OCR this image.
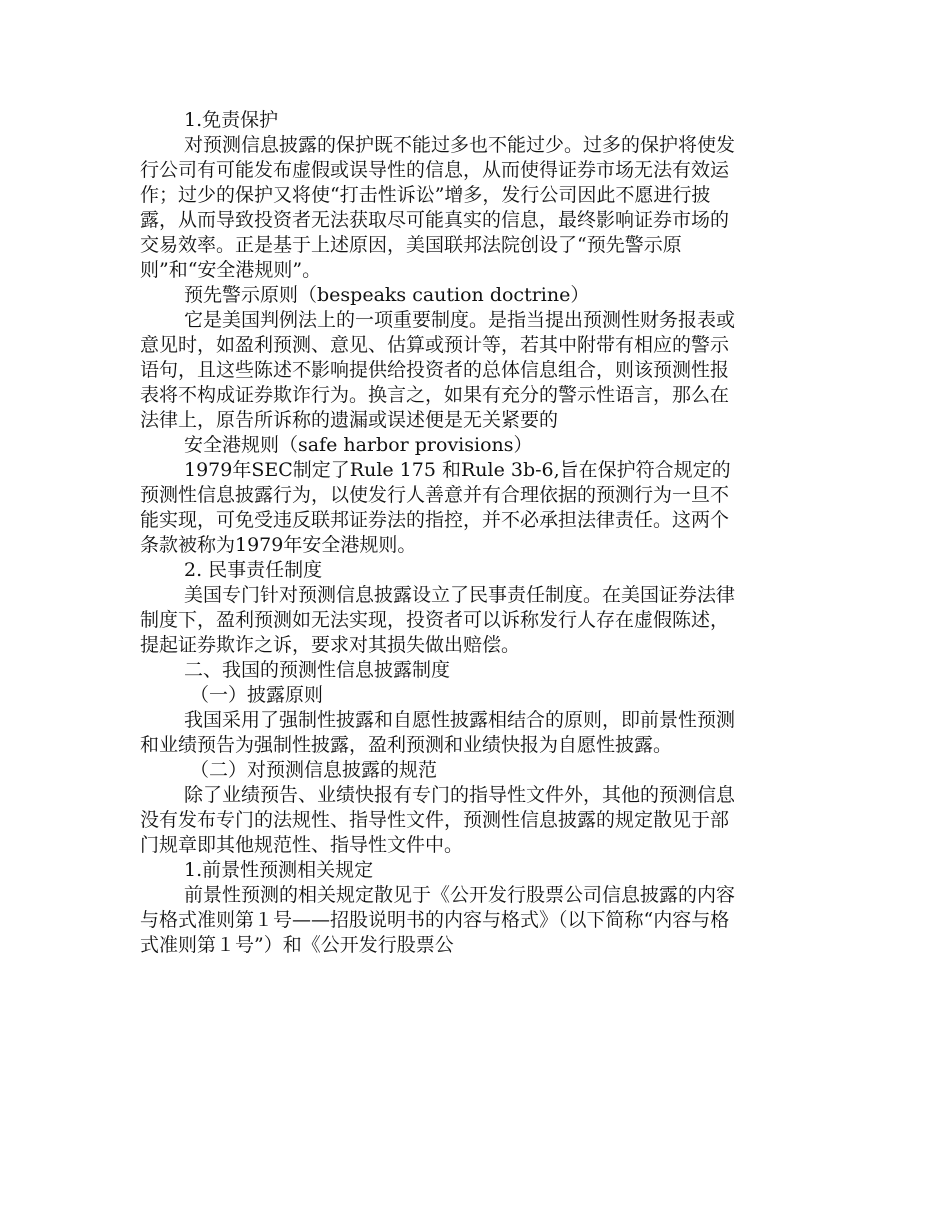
1.免责保护

对预测信息披露的保护既不能过多也不能过少。过多的保护将使发行公司有可能发布虚假或误导性的信息，从而使得证券市场无法有效运作；过少的保护又将使“打击性诉讼”增多，发行公司因此不愿进行披露，从而导致投资者无法获取尽可能真实的信息，最终影响证券市场的交易效率。正是基于上述原因，美国联邦法院创设了“预先警示原则”和“安全港规则”。

预先警示原则（bespeaks caution doctrine）

它是美国判例法上的一项重要制度。是指当提出预测性财务报表或意见时，如盈利预测、意见、估算或预计等，若其中附带有相应的警示语句，且这些陈述不影响提供给投资者的总体信息组合，则该预测性报表将不构成证券欺诈行为。换言之，如果有充分的警示性语言，那么在法律上，原告所诉称的遗漏或误述便是无关紧要的

安全港规则（safe harbor provisions）

1979年SEC制定了Rule 175 和Rule 3b-6,旨在保护符合规定的预测性信息披露行为，以使发行人善意并有合理依据的预测行为一旦不能实现，可免受违反联邦证券法的指控，并不必承担法律责任。这两个条款被称为1979年安全港规则。

2. 民事责任制度

美国专门针对预测信息披露设立了民事责任制度。在美国证券法律制度下，盈利预测如无法实现，投资者可以诉称发行人存在虚假陈述，提起证券欺诈之诉，要求对其损失做出赔偿。

二、我国的预测性信息披露制度

（一）披露原则

我国采用了强制性披露和自愿性披露相结合的原则，即前景性预测和业绩预告为强制性披露，盈利预测和业绩快报为自愿性披露。

（二）对预测信息披露的规范

除了业绩预告、业绩快报有专门的指导性文件外，其他的预测信息没有发布专门的法规性、指导性文件，预测性信息披露的规定散见于部门规章即其他规范性、指导性文件中。

1.前景性预测相关规定

前景性预测的相关规定散见于《公开发行股票公司信息披露的内容与格式准则第１号——招股说明书的内容与格式》（以下简称“内容与格式准则第１号”）和《公开发行股票公
